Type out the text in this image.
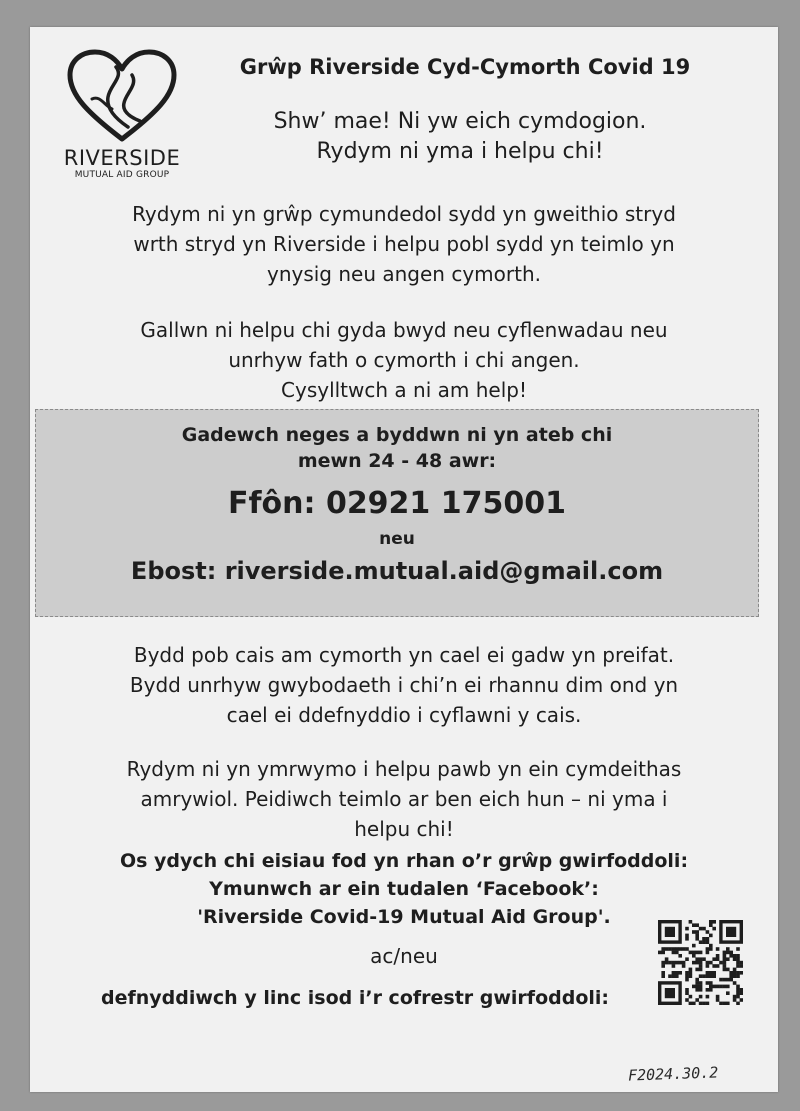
RIVERSIDE
MUTUAL AID GROUP
Grŵp Riverside Cyd-Cymorth Covid 19
Shw’ mae! Ni yw eich cymdogion.
Rydym ni yma i helpu chi!
Rydym ni yn grŵp cymundedol sydd yn gweithio stryd
wrth stryd yn Riverside i helpu pobl sydd yn teimlo yn
ynysig neu angen cymorth.
Gallwn ni helpu chi gyda bwyd neu cyflenwadau neu
unrhyw fath o cymorth i chi angen.
Cysylltwch a ni am help!
Gadewch neges a byddwn ni yn ateb chi
mewn 24 - 48 awr:
Ffôn: 02921 175001
neu
Ebost: riverside.mutual.aid@gmail.com
Bydd pob cais am cymorth yn cael ei gadw yn preifat.
Bydd unrhyw gwybodaeth i chi’n ei rhannu dim ond yn
cael ei ddefnyddio i cyflawni y cais.
Rydym ni yn ymrwymo i helpu pawb yn ein cymdeithas
amrywiol. Peidiwch teimlo ar ben eich hun – ni yma i
helpu chi!
Os ydych chi eisiau fod yn rhan o’r grŵp gwirfoddoli:
Ymunwch ar ein tudalen ‘Facebook’:
'Riverside Covid-19 Mutual Aid Group'.
ac/neu
defnyddiwch y linc isod i’r cofrestr gwirfoddoli:
F2024.30.2
